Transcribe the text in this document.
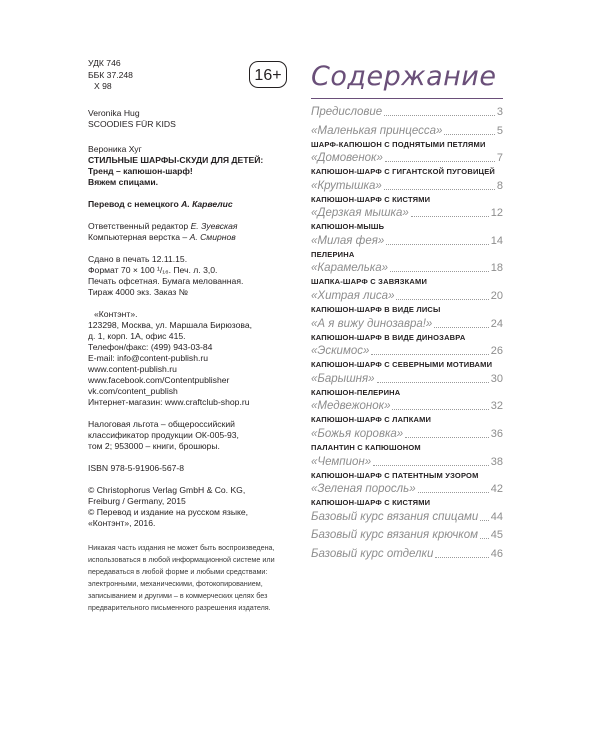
УДК 746
ББК 37.248
Х 98
Veronika Hug
SCOODIES FÜR KIDS
Вероника Хуг
СТИЛЬНЫЕ ШАРФЫ-СКУДИ ДЛЯ ДЕТЕЙ:
Тренд – капюшон-шарф!
Вяжем спицами.
Перевод с немецкого А. Карвелис
Ответственный редактор Е. Зуевская
Компьютерная верстка – А. Смирнов
Сдано в печать 12.11.15.
Формат 70 × 100 ¹/₁₆. Печ. л. 3,0.
Печать офсетная. Бумага мелованная.
Тираж 4000 экз. Заказ №
«Контэнт».
123298, Москва, ул. Маршала Бирюзова,
д. 1, корп. 1А, офис 415.
Телефон/факс: (499) 943-03-84
E-mail: info@content-publish.ru
www.content-publish.ru
www.facebook.com/Contentpublisher
vk.com/content_publish
Интернет-магазин: www.craftclub-shop.ru
Налоговая льгота – общероссийский
классификатор продукции ОК-005-93,
том 2; 953000 – книги, брошюры.
ISBN 978-5-91906-567-8
© Christophorus Verlag GmbH & Co. KG,
Freiburg / Germany, 2015
© Перевод и издание на русском языке,
«Контэнт», 2016.
Никакая часть издания не может быть воспроизведена,
использоваться в любой информационной системе или
передаваться в любой форме и любыми средствами:
электронными, механическими, фотокопированием,
записыванием и другими – в коммерческих целях без
предварительного письменного разрешения издателя.
16+ Содержание
Предисловие	3
«Маленькая принцесса»	5
ШАРФ-КАПЮШОН С ПОДНЯТЫМИ ПЕТЛЯМИ
«Домовенок»	7
КАПЮШОН-ШАРФ С ГИГАНТСКОЙ ПУГОВИЦЕЙ
«Крутышка»	8
КАПЮШОН-ШАРФ С КИСТЯМИ
«Дерзкая мышка»	12
КАПЮШОН-МЫШЬ
«Милая фея»	14
ПЕЛЕРИНА
«Карамелька»	18
ШАПКА-ШАРФ С ЗАВЯЗКАМИ
«Хитрая лиса»	20
КАПЮШОН-ШАРФ В ВИДЕ ЛИСЫ
«А я вижу динозавра!»	24
КАПЮШОН-ШАРФ В ВИДЕ ДИНОЗАВРА
«Эскимос»	26
КАПЮШОН-ШАРФ С СЕВЕРНЫМИ МОТИВАМИ
«Барышня»	30
КАПЮШОН-ПЕЛЕРИНА
«Медвежонок»	32
КАПЮШОН-ШАРФ С ЛАПКАМИ
«Божья коровка»	36
ПАЛАНТИН С КАПЮШОНОМ
«Чемпион»	38
КАПЮШОН-ШАРФ С ПАТЕНТНЫМ УЗОРОМ
«Зеленая поросль»	42
КАПЮШОН-ШАРФ С КИСТЯМИ
Базовый курс вязания спицами 44
Базовый курс вязания крючком 45
Базовый курс отделки	46
